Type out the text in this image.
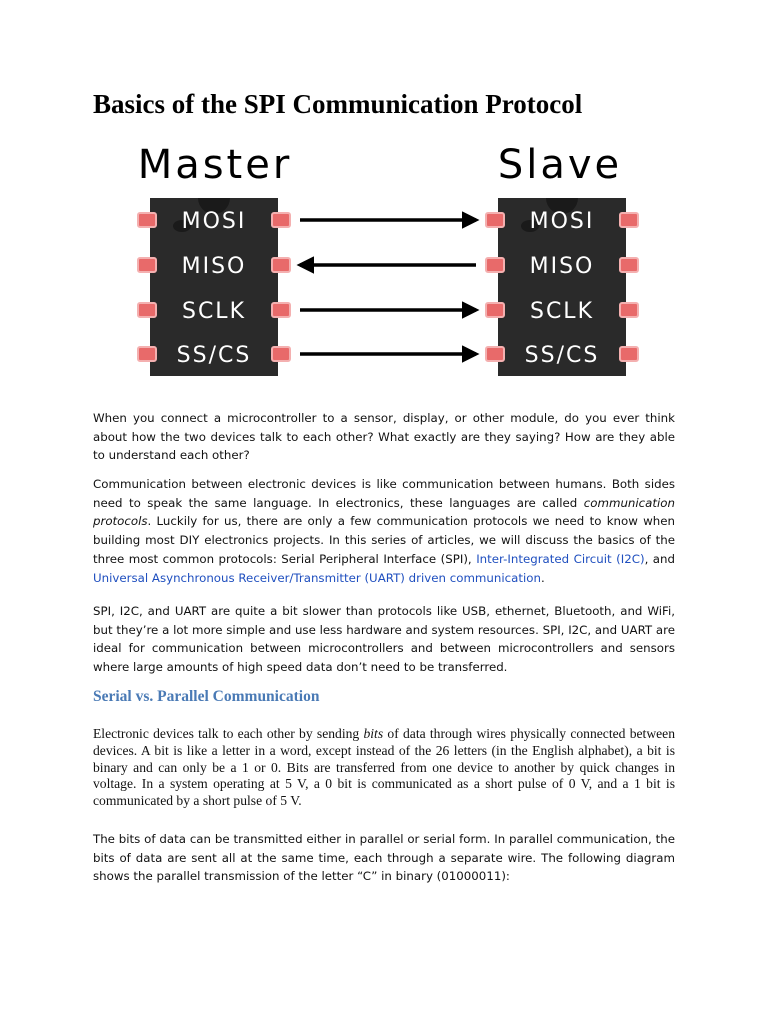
Basics of the SPI Communication Protocol
Master	Slave
MOSI	MOSI
MISO	MISO
SCLK	SCLK
SS/CS	SS/CS
When you connect a microcontroller to a sensor, display, or other module, do you ever think about how the two devices talk to each other? What exactly are they saying? How are they able to understand each other?
Communication between electronic devices is like communication between humans. Both sides need to speak the same language. In electronics, these languages are called communication protocols. Luckily for us, there are only a few communication protocols we need to know when building most DIY electronics projects. In this series of articles, we will discuss the basics of the three most common protocols: Serial Peripheral Interface (SPI), Inter-Integrated Circuit (I2C), and Universal Asynchronous Receiver/Transmitter (UART) driven communication.
SPI, I2C, and UART are quite a bit slower than protocols like USB, ethernet, Bluetooth, and WiFi, but they’re a lot more simple and use less hardware and system resources. SPI, I2C, and UART are ideal for communication between microcontrollers and between microcontrollers and sensors where large amounts of high speed data don’t need to be transferred.
Serial vs. Parallel Communication
Electronic devices talk to each other by sending bits of data through wires physically connected between devices. A bit is like a letter in a word, except instead of the 26 letters (in the English alphabet), a bit is binary and can only be a 1 or 0. Bits are transferred from one device to another by quick changes in voltage. In a system operating at 5 V, a 0 bit is communicated as a short pulse of 0 V, and a 1 bit is communicated by a short pulse of 5 V.
The bits of data can be transmitted either in parallel or serial form. In parallel communication, the bits of data are sent all at the same time, each through a separate wire. The following diagram shows the parallel transmission of the letter “C” in binary (01000011):
